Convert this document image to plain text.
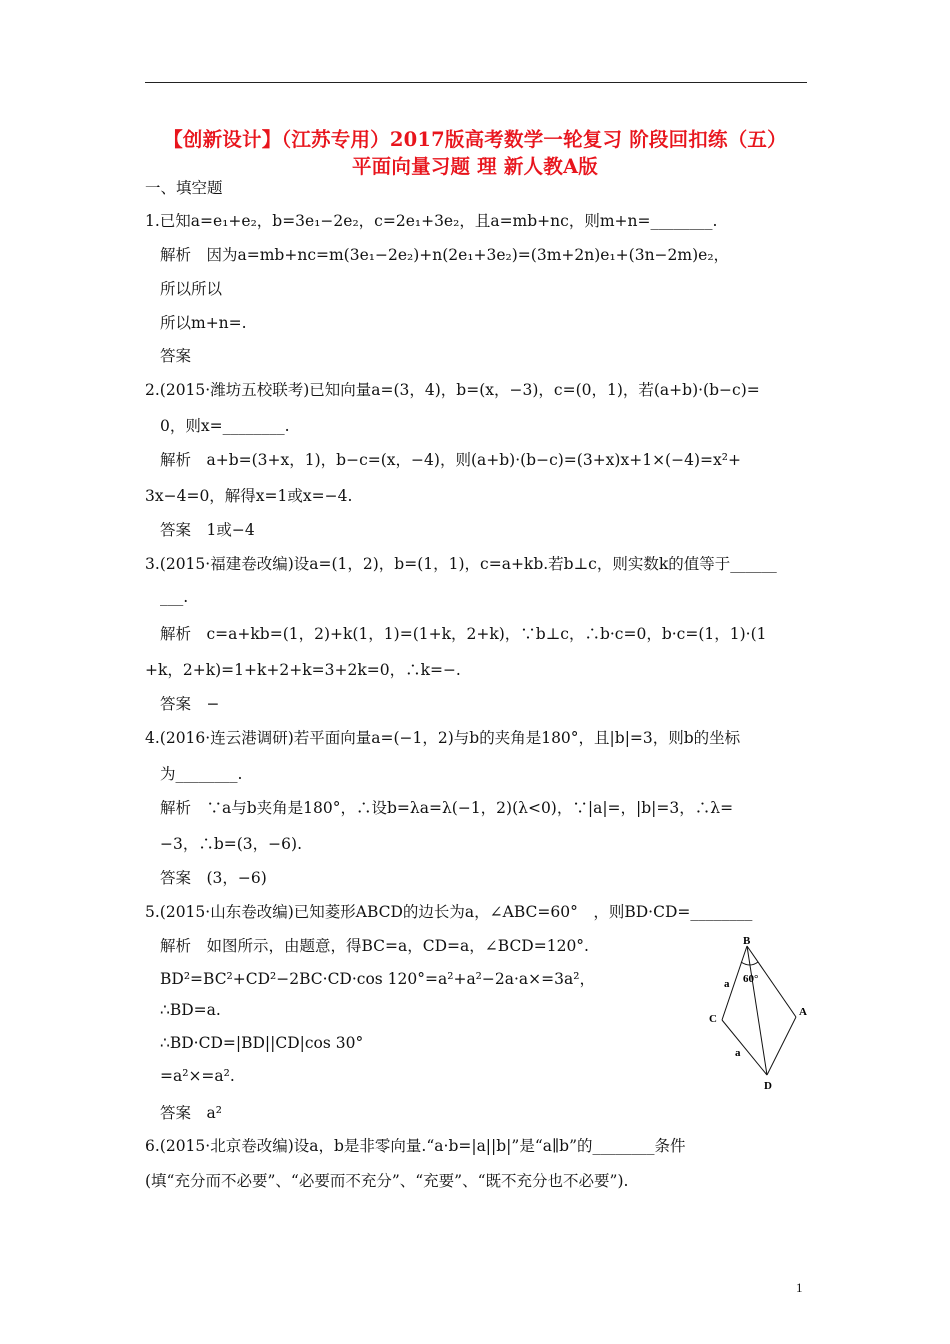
【创新设计】（江苏专用）2017版高考数学一轮复习 阶段回扣练（五）
平面向量习题 理 新人教A版
一、填空题
1.已知a=e₁+e₂，b=3e₁−2e₂，c=2e₁+3e₂，且a=mb+nc，则m+n=________.
解析　因为a=mb+nc=m(3e₁−2e₂)+n(2e₁+3e₂)=(3m+2n)e₁+(3n−2m)e₂，
所以所以
所以m+n=.
答案
2.(2015·潍坊五校联考)已知向量a=(3，4)，b=(x，−3)，c=(0，1)，若(a+b)·(b−c)=
0，则x=________.
解析　a+b=(3+x，1)，b−c=(x，−4)，则(a+b)·(b−c)=(3+x)x+1×(−4)=x²+
3x−4=0，解得x=1或x=−4.
答案　1或−4
3.(2015·福建卷改编)设a=(1，2)，b=(1，1)，c=a+kb.若b⊥c，则实数k的值等于______
___.
解析　c=a+kb=(1，2)+k(1，1)=(1+k，2+k)，∵b⊥c，∴b·c=0，b·c=(1，1)·(1
+k，2+k)=1+k+2+k=3+2k=0，∴k=−.
答案　−
4.(2016·连云港调研)若平面向量a=(−1，2)与b的夹角是180°，且|b|=3，则b的坐标
为________.
解析　∵a与b夹角是180°，∴设b=λa=λ(−1，2)(λ<0)，∵|a|=，|b|=3，∴λ=
−3，∴b=(3，−6).
答案　(3，−6)
5.(2015·山东卷改编)已知菱形ABCD的边长为a，∠ABC=60°　，则BD·CD=________
解析　如图所示，由题意，得BC=a，CD=a，∠BCD=120°.
BD²=BC²+CD²−2BC·CD·cos 120°=a²+a²−2a·a×=3a²，
∴BD=a.
∴BD·CD=|BD||CD|cos 30°
=a²×=a².
答案　a²
6.(2015·北京卷改编)设a，b是非零向量.“a·b=|a||b|”是“a∥b”的________条件
(填“充分而不必要”、“必要而不充分”、“充要”、“既不充分也不必要”).
B
A
C
D
a
a
60°
1
